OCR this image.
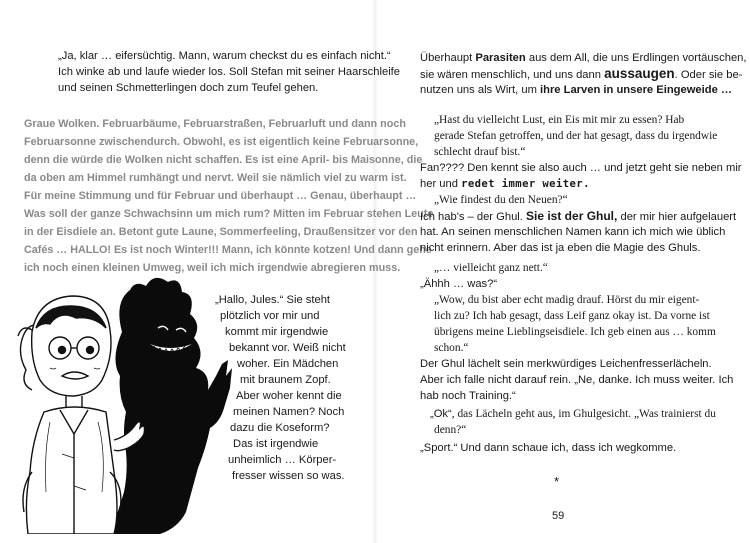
„Ja, klar … eifersüchtig. Mann, warum checkst du es einfach nicht.“
Ich winke ab und laufe wieder los. Soll Stefan mit seiner Haarschleife
und seinen Schmetterlingen doch zum Teufel gehen.
Graue Wolken. Februarbäume, Februarstraßen, Februarluft und dann noch
Februarsonne zwischendurch. Obwohl, es ist eigentlich keine Februarsonne,
denn die würde die Wolken nicht schaffen. Es ist eine April- bis Maisonne, die
da oben am Himmel rumhängt und nervt. Weil sie nämlich viel zu warm ist.
Für meine Stimmung und für Februar und überhaupt … Genau, überhaupt …
Was soll der ganze Schwachsinn um mich rum? Mitten im Februar stehen Leute
in der Eisdiele an. Betont gute Laune, Sommerfeeling, Draußensitzer vor den
Cafés … HALLO! Es ist noch Winter!!! Mann, ich könnte kotzen! Und dann gehe
ich noch einen kleinen Umweg, weil ich mich irgendwie abregieren muss.
„Hallo, Jules.“ Sie steht
plötzlich vor mir und
kommt mir irgendwie
bekannt vor. Weiß nicht
woher. Ein Mädchen
mit braunem Zopf.
Aber woher kennt die
meinen Namen? Noch
dazu die Koseform?
Das ist irgendwie
unheimlich … Körper-
fresser wissen so was.
Überhaupt Parasiten aus dem All, die uns Erdlingen vortäuschen,
sie wären menschlich, und uns dann aussaugen. Oder sie be-
nutzen uns als Wirt, um ihre Larven in unsere Eingeweide …
„Hast du vielleicht Lust, ein Eis mit mir zu essen? Hab
gerade Stefan getroffen, und der hat gesagt, dass du irgendwie
schlecht drauf bist.“
Fan???? Den kennt sie also auch … und jetzt geht sie neben mir
her und redet immer weiter.
„Wie findest du den Neuen?“
Ich hab's – der Ghul. Sie ist der Ghul, der mir hier aufgelauert
hat. An seinen menschlichen Namen kann ich mich wie üblich
nicht erinnern. Aber das ist ja eben die Magie des Ghuls.
„… vielleicht ganz nett.“
„Ähhh … was?“
„Wow, du bist aber echt madig drauf. Hörst du mir eigent-
lich zu? Ich hab gesagt, dass Leif ganz okay ist. Da vorne ist
übrigens meine Lieblingseisdiele. Ich geb einen aus … komm
schon.“
Der Ghul lächelt sein merkwürdiges Leichenfresserlächeln.
Aber ich falle nicht darauf rein. „Ne, danke. Ich muss weiter. Ich
hab noch Training.“
„Ok“, das Lächeln geht aus, im Ghulgesicht. „Was trainierst du
denn?“
„Sport.“ Und dann schaue ich, dass ich wegkomme.
*
59
